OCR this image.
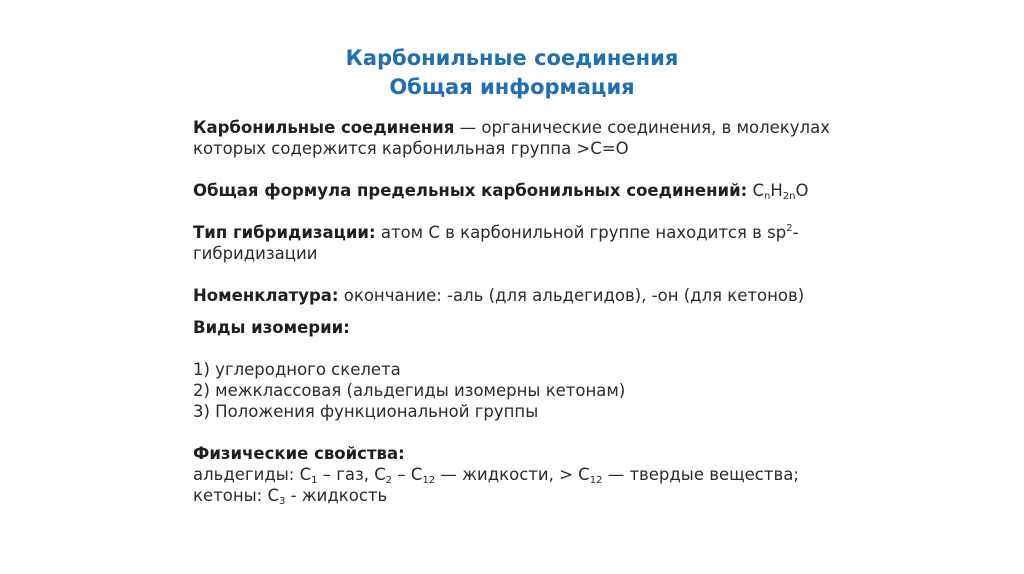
Карбонильные соединения
Общая информация

Карбонильные соединения — органические соединения, в молекулах которых содержится карбонильная группа >C=O

Общая формула предельных карбонильных соединений: $C_nH_{2n}O$

Тип гибридизации: атом C в карбонильной группе находится в $sp^2$-гибридизации

Номенклатура: окончание: -аль (для альдегидов), -он (для кетонов)

Виды изомерии:

1) углеродного скелета

2) межклассовая (альдегиды изомерны кетонам)

3) Положения функциональной группы

Физические свойства:

альдегиды: $C_1$ – газ, $C_2 - C_{12}$ — жидкости, > $C_{12}$ — твердые вещества;

кетоны: $C_3$ - жидкость
